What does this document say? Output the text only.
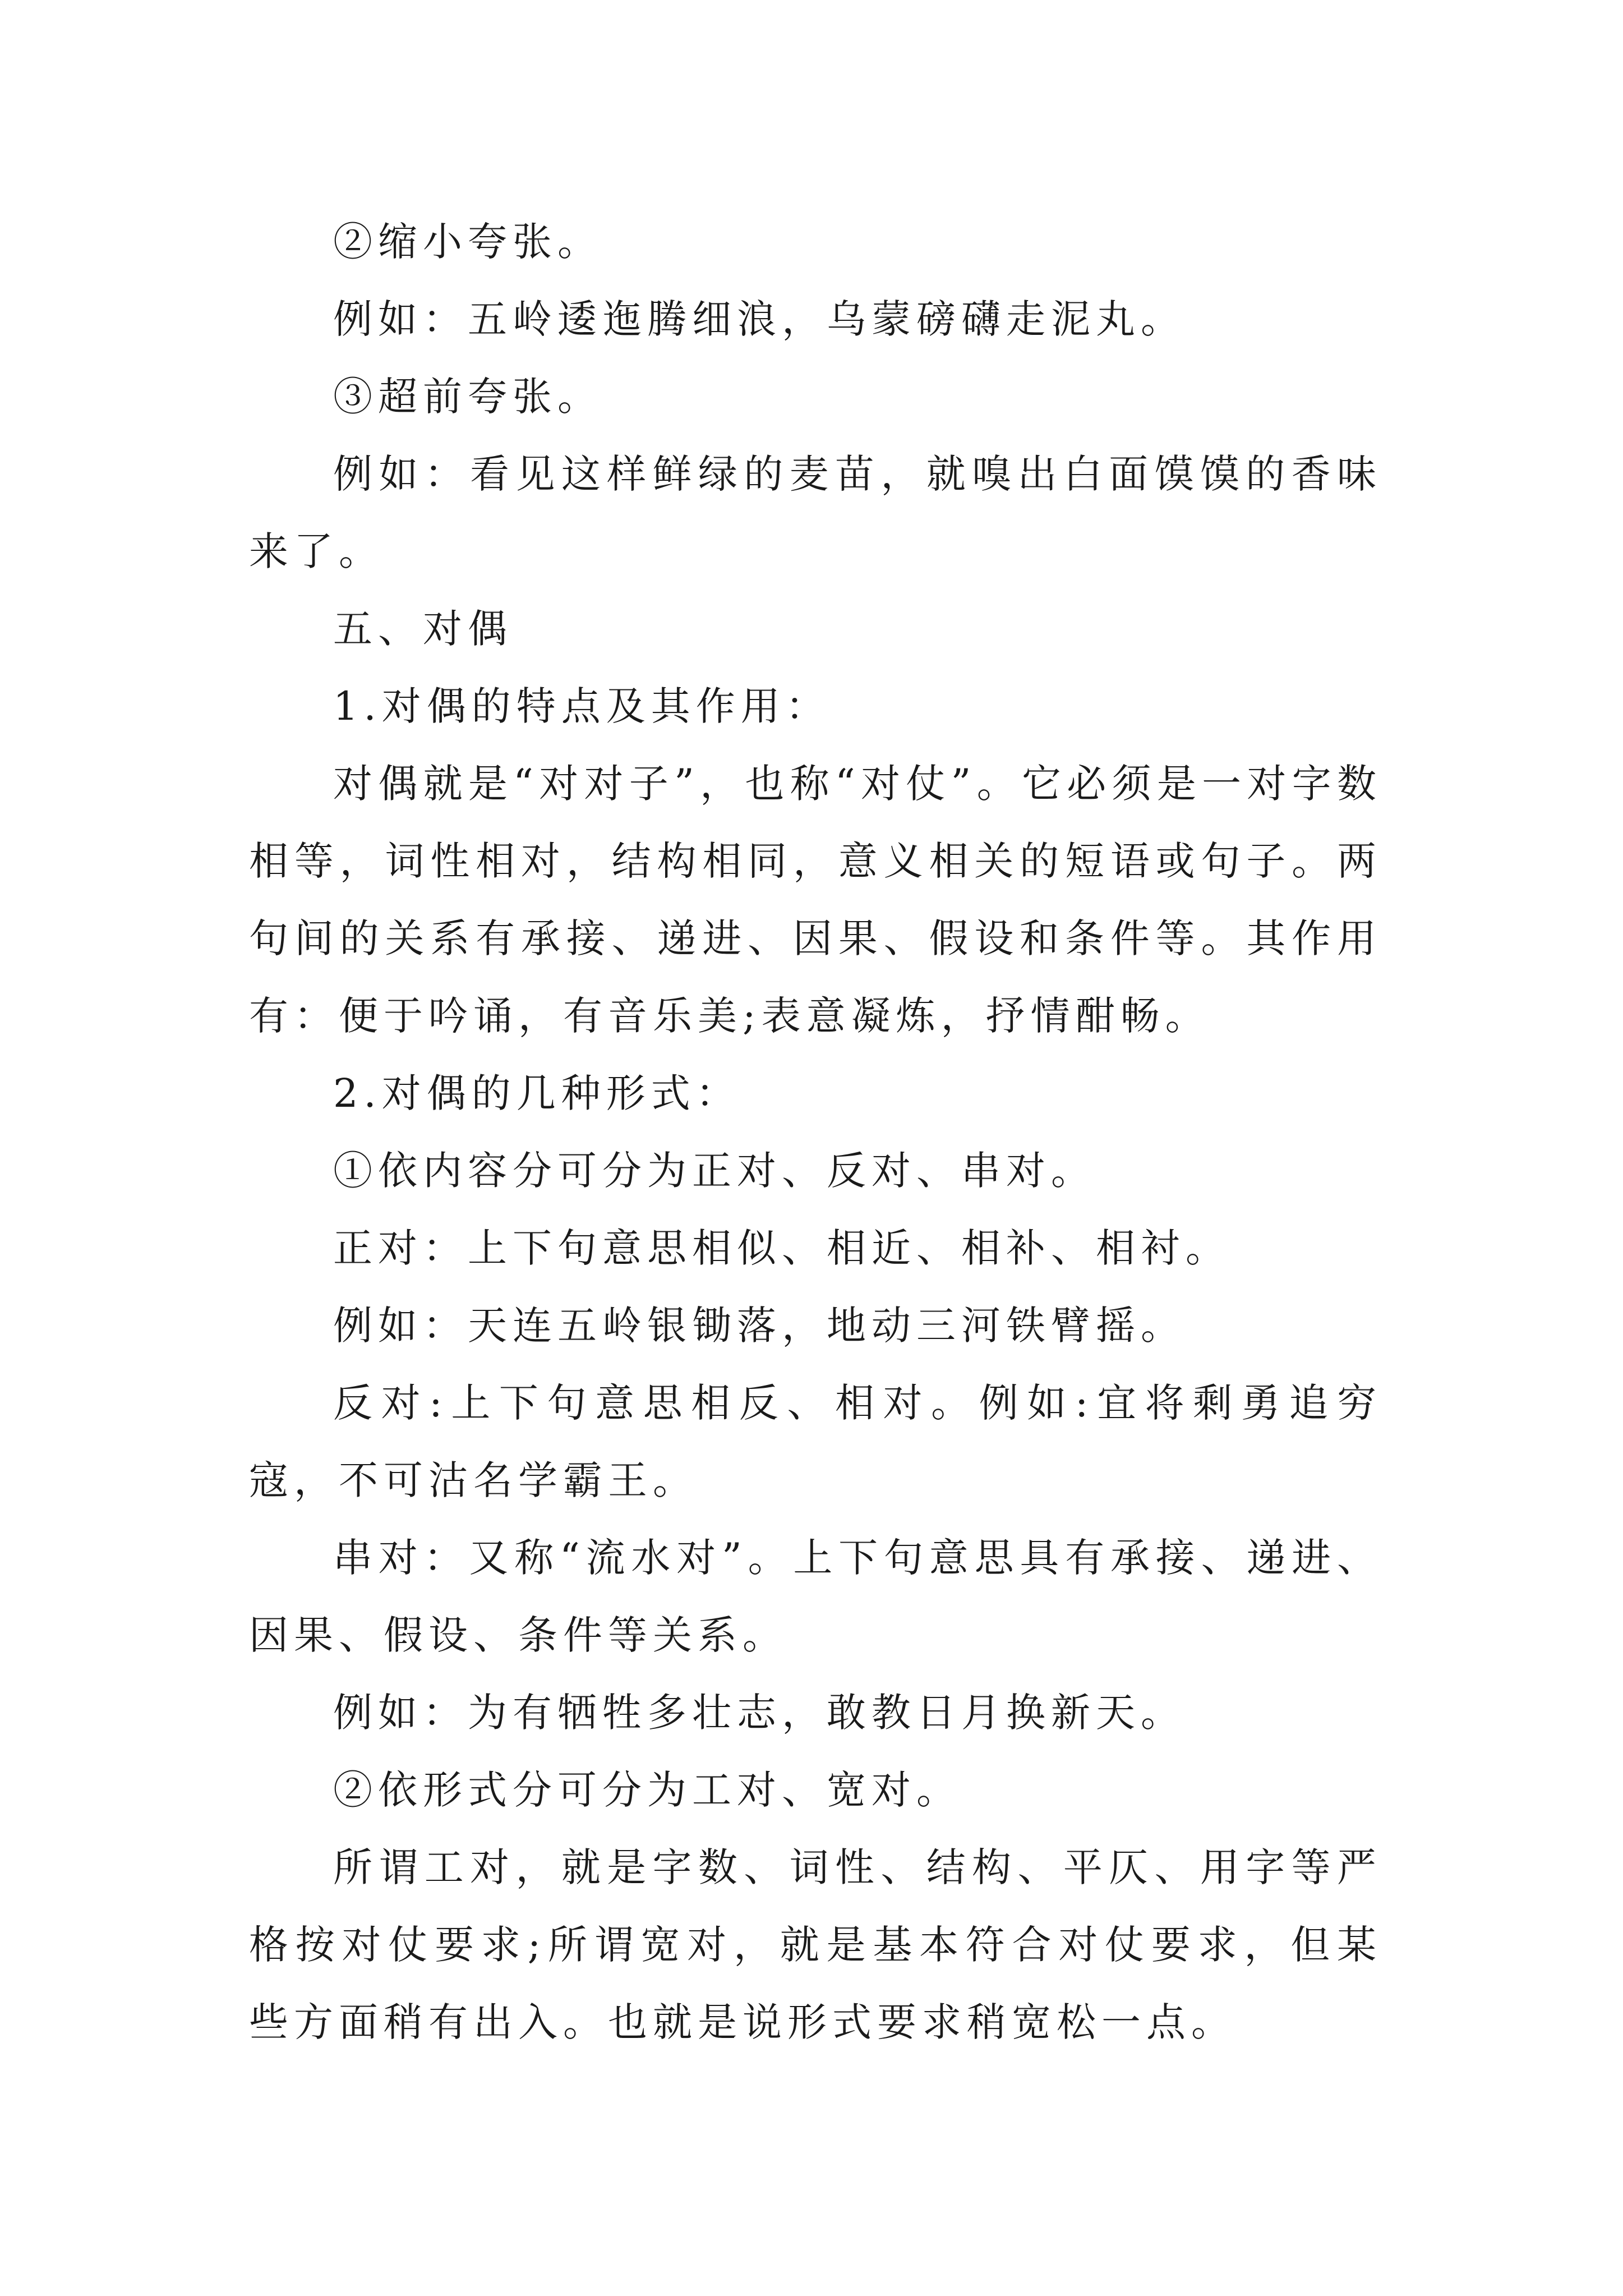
②缩小夸张。

例如：五岭逶迤腾细浪，乌蒙磅礴走泥丸。

③超前夸张。

例如：看见这样鲜绿的麦苗，就嗅出白面馍馍的香味来了。

五、对偶

1.对偶的特点及其作用：

对偶就是“对对子”，也称“对仗”。它必须是一对字数相等，词性相对，结构相同，意义相关的短语或句子。两句间的关系有承接、递进、因果、假设和条件等。其作用有：便于吟诵，有音乐美;表意凝炼，抒情酣畅。

2.对偶的几种形式：

①依内容分可分为正对、反对、串对。

正对：上下句意思相似、相近、相补、相衬。

例如：天连五岭银锄落，地动三河铁臂摇。

反对:上下句意思相反、相对。例如:宜将剩勇追穷寇，不可沽名学霸王。

串对：又称“流水对”。上下句意思具有承接、递进、因果、假设、条件等关系。

例如：为有牺牲多壮志，敢教日月换新天。

②依形式分可分为工对、宽对。

所谓工对，就是字数、词性、结构、平仄、用字等严格按对仗要求;所谓宽对，就是基本符合对仗要求，但某些方面稍有出入。也就是说形式要求稍宽松一点。
